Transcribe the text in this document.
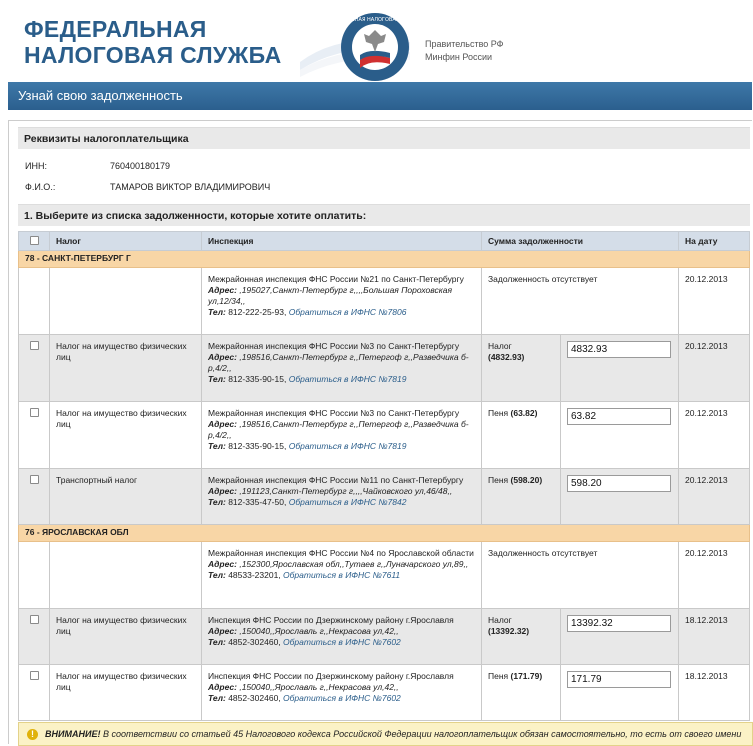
ФЕДЕРАЛЬНАЯ
НАЛОГОВАЯ СЛУЖБА
ФЕДЕРАЛЬНАЯ НАЛОГОВАЯ СЛУЖБА
Правительство РФ
Минфин России
Узнай свою задолженность
Реквизиты налогоплательщика
ИНН:	760400180179
Ф.И.О.:	ТАМАРОВ ВИКТОР ВЛАДИМИРОВИЧ
1. Выберите из списка задолженности, которые хотите оплатить:
	Налог	Инспекция	Сумма задолженности		На дату
78 - САНКТ-ПЕТЕРБУРГ Г					
		Межрайонная инспекция ФНС России №21 по Санкт-Петербургу
Адрес: ,195027,Санкт-Петербург г,,,,Большая Пороховская ул,12/34,,
Тел: 812-222-25-93, Обратиться в ИФНС №7806	Задолженность отсутствует		20.12.2013
	Налог на имущество физических лиц	Межрайонная инспекция ФНС России №3 по Санкт-Петербургу
Адрес: ,198516,Санкт-Петербург г,,Петергоф г,,Разведчика б-р,4/2,,
Тел: 812-335-90-15, Обратиться в ИФНС №7819	Налог
(4832.93)	4832.93	20.12.2013
	Налог на имущество физических лиц	Межрайонная инспекция ФНС России №3 по Санкт-Петербургу
Адрес: ,198516,Санкт-Петербург г,,Петергоф г,,Разведчика б-р,4/2,,
Тел: 812-335-90-15, Обратиться в ИФНС №7819	Пеня (63.82)	63.82	20.12.2013
	Транспортный налог	Межрайонная инспекция ФНС России №11 по Санкт-Петербургу
Адрес: ,191123,Санкт-Петербург г,,,,Чайковского ул,46/48,,
Тел: 812-335-47-50, Обратиться в ИФНС №7842	Пеня (598.20)	598.20	20.12.2013
76 - ЯРОСЛАВСКАЯ ОБЛ					
		Межрайонная инспекция ФНС России №4 по Ярославской области
Адрес: ,152300,Ярославская обл,,Тутаев г,,Луначарского ул,89,,
Тел: 48533-23201, Обратиться в ИФНС №7611	Задолженность отсутствует		20.12.2013
	Налог на имущество физических лиц	Инспекция ФНС России по Дзержинскому району г.Ярославля
Адрес: ,150040,,Ярославль г,,Некрасова ул,42,,
Тел: 4852-302460, Обратиться в ИФНС №7602	Налог
(13392.32)	13392.32	18.12.2013
	Налог на имущество физических лиц	Инспекция ФНС России по Дзержинскому району г.Ярославля
Адрес: ,150040,,Ярославль г,,Некрасова ул,42,,
Тел: 4852-302460, Обратиться в ИФНС №7602	Пеня (171.79)	171.79	18.12.2013
!	ВНИМАНИЕ! В соответствии со статьей 45 Налогового кодекса Российской Федерации налогоплательщик обязан самостоятельно, то есть от своего имени
